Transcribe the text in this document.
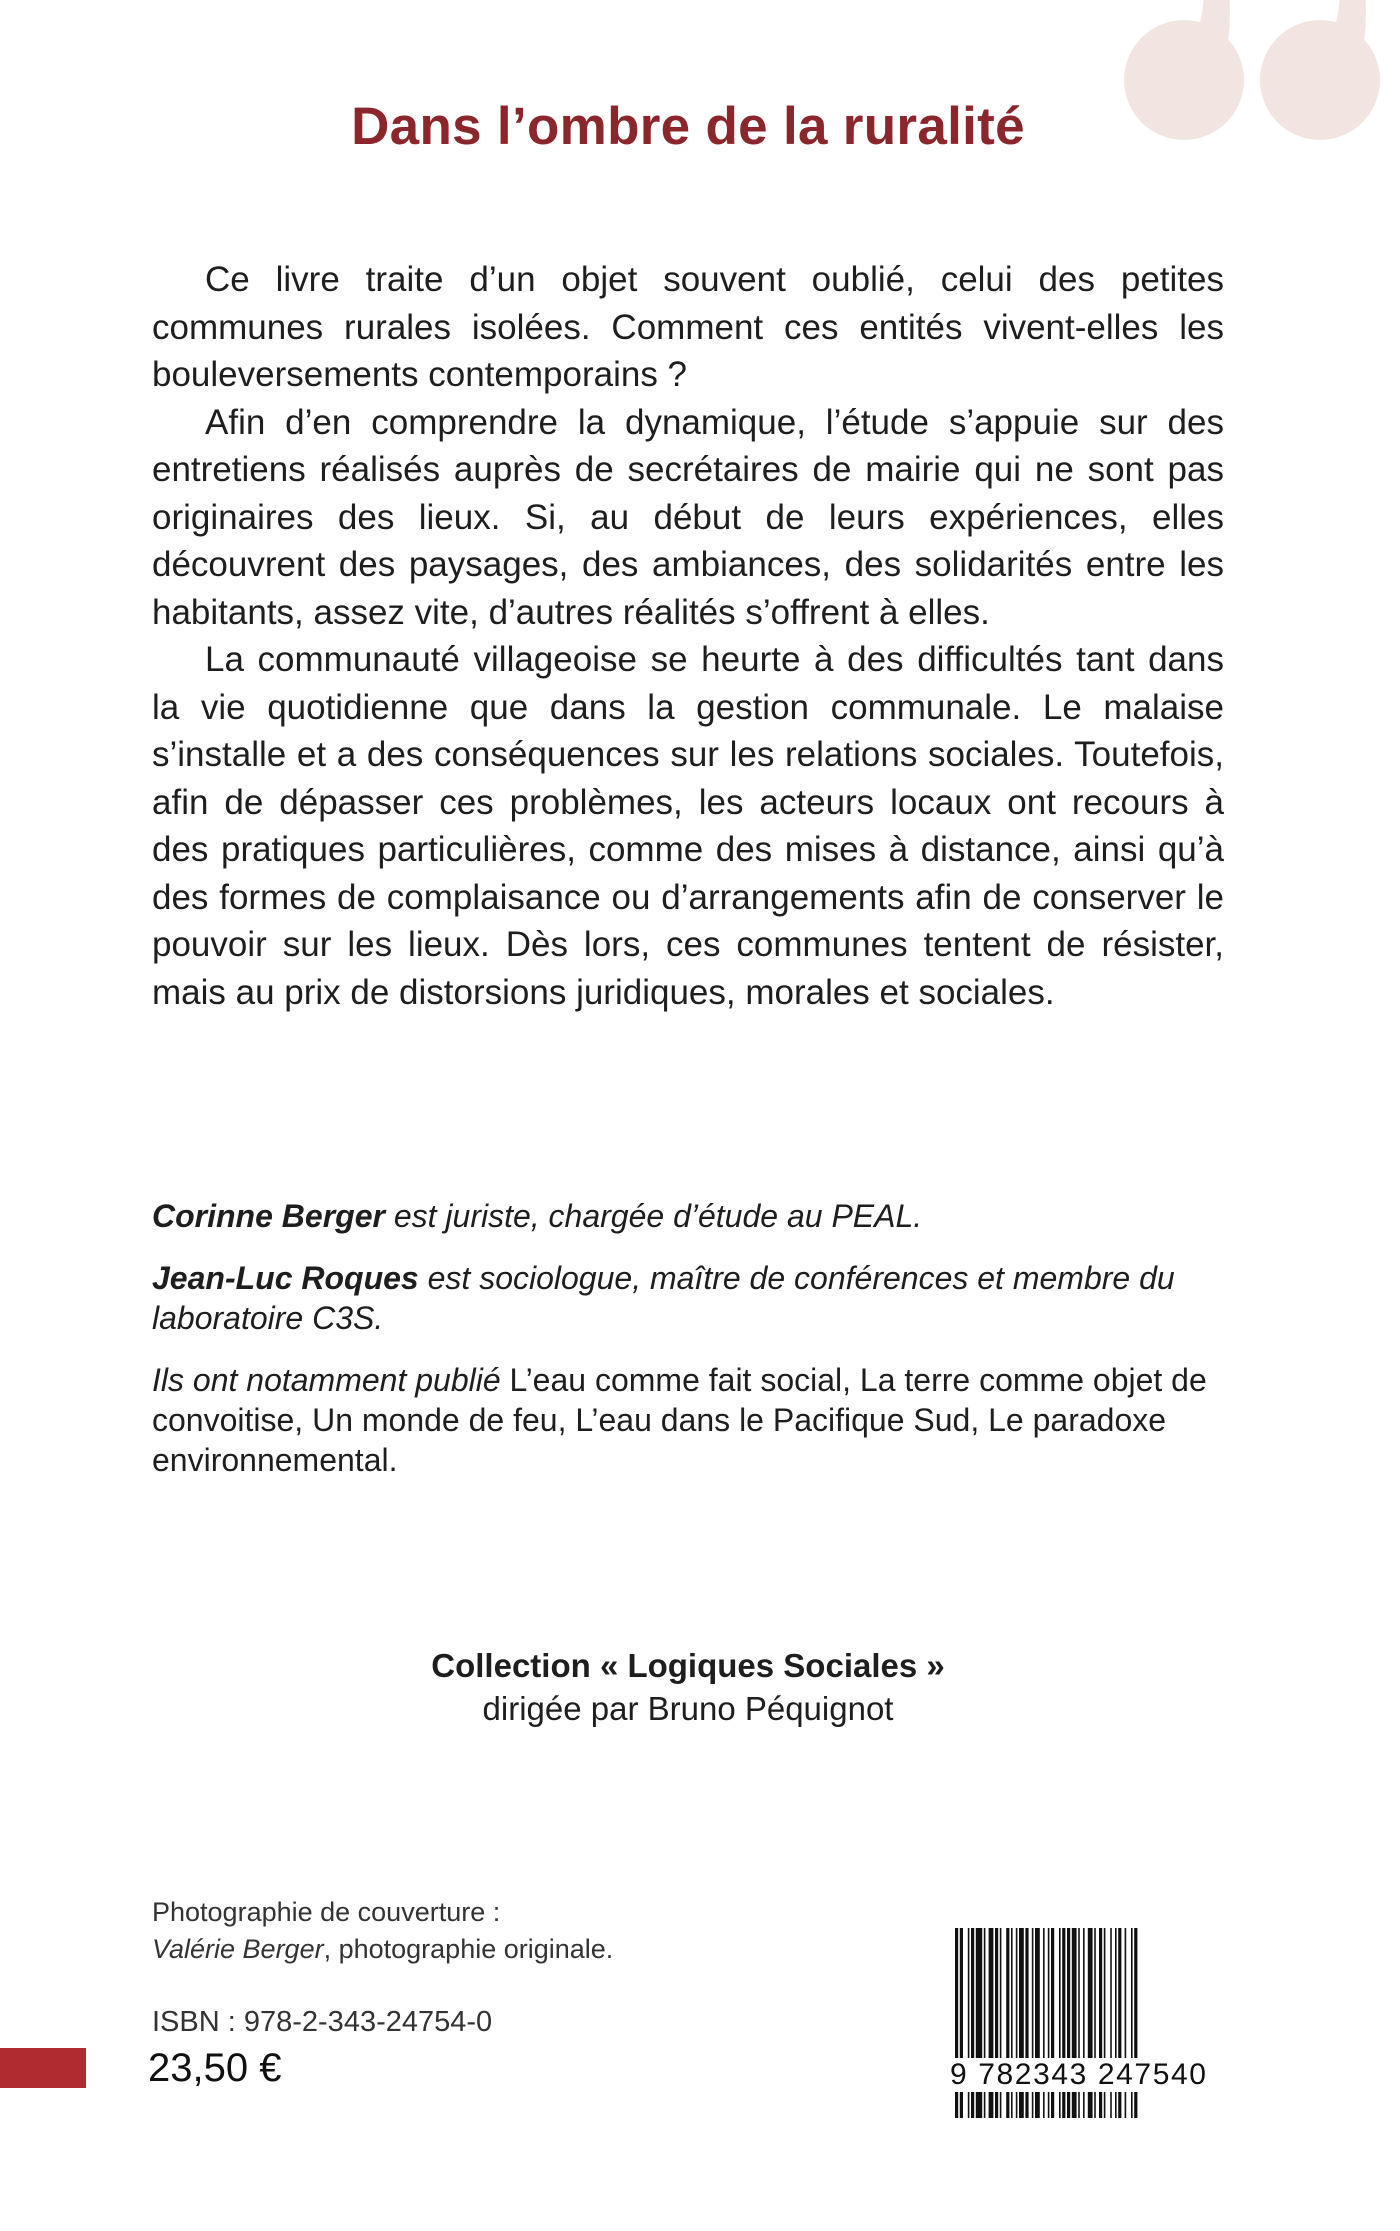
Dans l’ombre de la ruralité

Ce livre traite d’un objet souvent oublié, celui des petites communes rurales isolées. Comment ces entités vivent-elles les bouleversements contemporains ?

Afin d’en comprendre la dynamique, l’étude s’appuie sur des entretiens réalisés auprès de secrétaires de mairie qui ne sont pas originaires des lieux. Si, au début de leurs expériences, elles découvrent des paysages, des ambiances, des solidarités entre les habitants, assez vite, d’autres réalités s’offrent à elles.

La communauté villageoise se heurte à des difficultés tant dans la vie quotidienne que dans la gestion communale. Le malaise s’installe et a des conséquences sur les relations sociales. Toutefois, afin de dépasser ces problèmes, les acteurs locaux ont recours à des pratiques particulières, comme des mises à distance, ainsi qu’à des formes de complaisance ou d’arrangements afin de conserver le pouvoir sur les lieux. Dès lors, ces communes tentent de résister, mais au prix de distorsions juridiques, morales et sociales.

Corinne Berger est juriste, chargée d’étude au PEAL.

Jean-Luc Roques est sociologue, maître de conférences et membre du laboratoire C3S.

Ils ont notamment publié L’eau comme fait social, La terre comme objet de convoitise, Un monde de feu, L’eau dans le Pacifique Sud, Le paradoxe environnemental.

Collection « Logiques Sociales »
dirigée par Bruno Péquignot
Photographie de couverture :
Valérie Berger, photographie originale.
ISBN : 978-2-343-24754-0
23,50 €	9 782343 247540
